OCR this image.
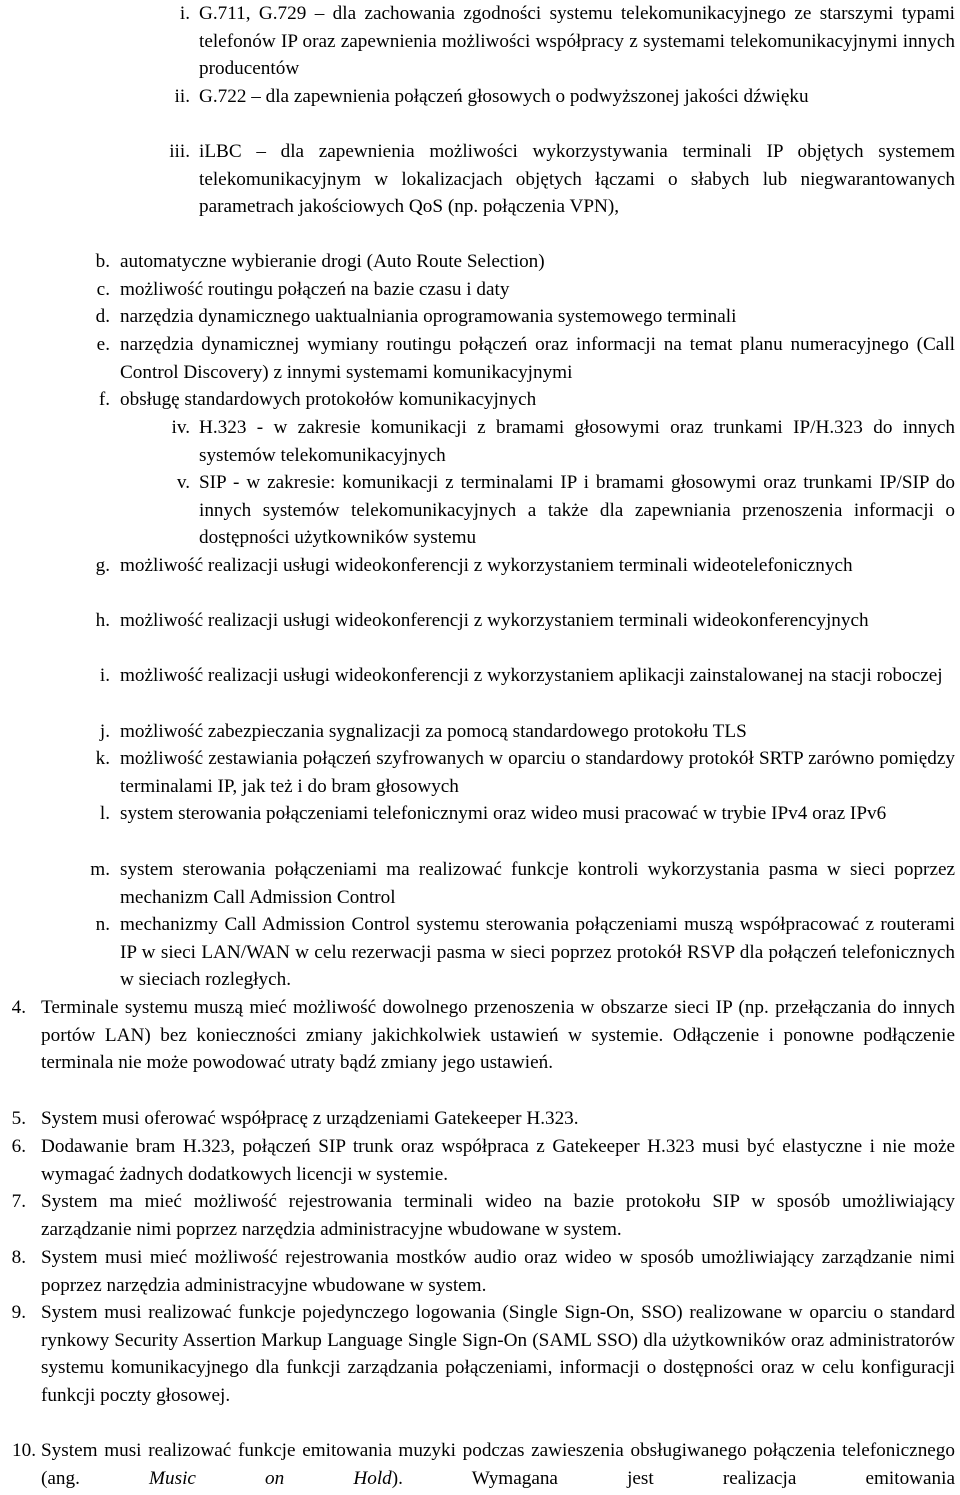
i. G.711, G.729 – dla zachowania zgodności systemu telekomunikacyjnego ze starszymi typami telefonów IP oraz zapewnienia możliwości współpracy z systemami telekomunikacyjnymi innych producentów
ii. G.722 – dla zapewnienia połączeń głosowych o podwyższonej jakości dźwięku
iii. iLBC – dla zapewnienia możliwości wykorzystywania terminali IP objętych systemem telekomunikacyjnym w lokalizacjach objętych łączami o słabych lub niegwarantowanych parametrach jakościowych QoS (np. połączenia VPN),
b. automatyczne wybieranie drogi (Auto Route Selection)
c. możliwość routingu połączeń na bazie czasu i daty
d. narzędzia dynamicznego uaktualniania oprogramowania systemowego terminali
e. narzędzia dynamicznej wymiany routingu połączeń oraz informacji na temat planu numeracyjnego (Call Control Discovery) z innymi systemami komunikacyjnymi
f. obsługę standardowych protokołów komunikacyjnych
iv. H.323 - w zakresie komunikacji z bramami głosowymi oraz trunkami IP/H.323 do innych systemów telekomunikacyjnych
v. SIP - w zakresie: komunikacji z terminalami IP i bramami głosowymi oraz trunkami IP/SIP do innych systemów telekomunikacyjnych a także dla zapewniania przenoszenia informacji o dostępności użytkowników systemu
g. możliwość realizacji usługi wideokonferencji z wykorzystaniem terminali wideotelefonicznych
h. możliwość realizacji usługi wideokonferencji z wykorzystaniem terminali wideokonferencyjnych
i. możliwość realizacji usługi wideokonferencji z wykorzystaniem aplikacji zainstalowanej na stacji roboczej
j. możliwość zabezpieczania sygnalizacji za pomocą standardowego protokołu TLS
k. możliwość zestawiania połączeń szyfrowanych w oparciu o standardowy protokół SRTP zarówno pomiędzy terminalami IP, jak też i do bram głosowych
l. system sterowania połączeniami telefonicznymi oraz wideo musi pracować w trybie IPv4 oraz IPv6
m. system sterowania połączeniami ma realizować funkcje kontroli wykorzystania pasma w sieci poprzez mechanizm Call Admission Control
n. mechanizmy Call Admission Control systemu sterowania połączeniami muszą współpracować z routerami IP w sieci LAN/WAN w celu rezerwacji pasma w sieci poprzez protokół RSVP dla połączeń telefonicznych w sieciach rozległych.
4. Terminale systemu muszą mieć możliwość dowolnego przenoszenia w obszarze sieci IP (np. przełączania do innych portów LAN) bez konieczności zmiany jakichkolwiek ustawień w systemie. Odłączenie i ponowne podłączenie terminala nie może powodować utraty bądź zmiany jego ustawień.
5. System musi oferować współpracę z urządzeniami Gatekeeper H.323.
6. Dodawanie bram H.323, połączeń SIP trunk oraz współpraca z Gatekeeper H.323 musi być elastyczne i nie może wymagać żadnych dodatkowych licencji w systemie.
7. System ma mieć możliwość rejestrowania terminali wideo na bazie protokołu SIP w sposób umożliwiający zarządzanie nimi poprzez narzędzia administracyjne wbudowane w system.
8. System musi mieć możliwość rejestrowania mostków audio oraz wideo w sposób umożliwiający zarządzanie nimi poprzez narzędzia administracyjne wbudowane w system.
9. System musi realizować funkcje pojedynczego logowania (Single Sign-On, SSO) realizowane w oparciu o standard rynkowy Security Assertion Markup Language Single Sign-On (SAML SSO) dla użytkowników oraz administratorów systemu komunikacyjnego dla funkcji zarządzania połączeniami, informacji o dostępności oraz w celu konfiguracji funkcji poczty głosowej.
10. System musi realizować funkcje emitowania muzyki podczas zawieszenia obsługiwanego połączenia telefonicznego (ang. Music on Hold). Wymagana jest realizacja emitowania
